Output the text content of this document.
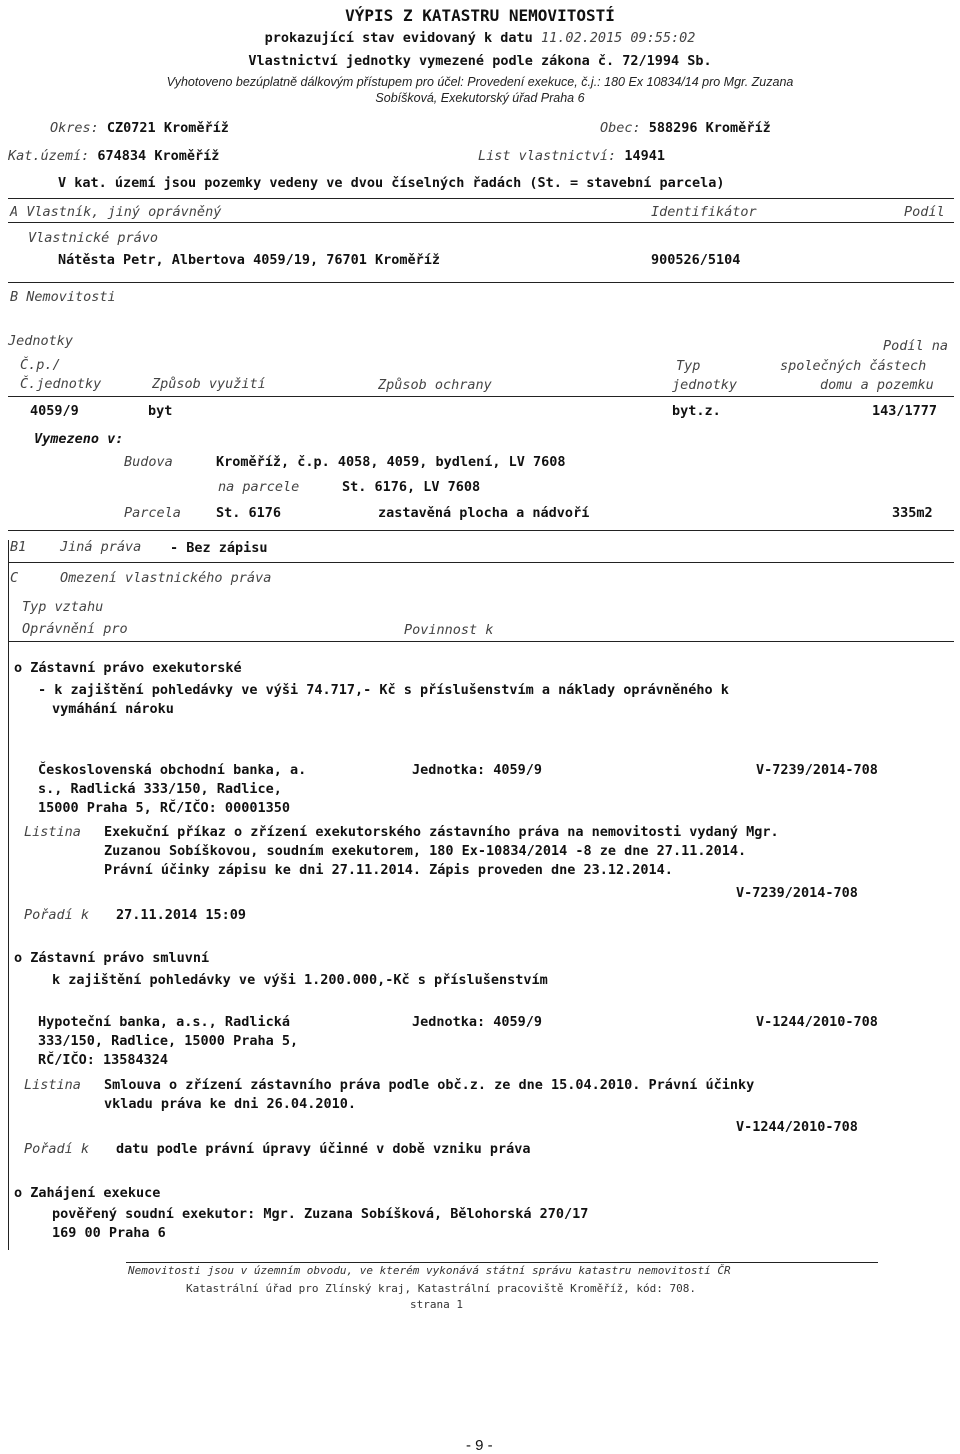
VÝPIS Z KATASTRU NEMOVITOSTÍ
prokazující stav evidovaný k datu 11.02.2015 09:55:02
Vlastnictví jednotky vymezené podle zákona č. 72/1994 Sb.
Vyhotoveno bezúplatně dálkovým přístupem pro účel: Provedení exekuce, č.j.: 180 Ex 10834/14 pro Mgr. Zuzana
Sobíšková, Exekutorský úřad Praha 6
Okres: CZ0721 Kroměříž	Obec: 588296 Kroměříž
Kat.území: 674834 Kroměříž	List vlastnictví: 14941
V kat. území jsou pozemky vedeny ve dvou číselných řadách (St. = stavební parcela)
A Vlastník, jiný oprávněný	Identifikátor	Podíl
Vlastnické právo
Nátěsta Petr, Albertova 4059/19, 76701 Kroměříž	900526/5104
B Nemovitosti
Jednotky	Podíl na
Č.p./	Typ	společných částech
Č.jednotky	Způsob využití	Způsob ochrany	jednotky	domu a pozemku
4059/9	byt	byt.z.	143/1777
Vymezeno v:
Budova	Kroměříž, č.p. 4058, 4059, bydlení, LV 7608
na parcele	St. 6176, LV 7608
Parcela	St. 6176	zastavěná plocha a nádvoří	335m2
B1 Jiná práva - Bez zápisu
C	Omezení vlastnického práva
Typ vztahu
Oprávnění pro	Povinnost k
o Zástavní právo exekutorské
- k zajištění pohledávky ve výši 74.717,- Kč s příslušenstvím a náklady oprávněného k
vymáhání nároku
Československá obchodní banka, a.	Jednotka: 4059/9	V-7239/2014-708
s., Radlická 333/150, Radlice,
15000 Praha 5, RČ/IČO: 00001350
Listina Exekuční příkaz o zřízení exekutorského zástavního práva na nemovitosti vydaný Mgr.
Zuzanou Sobíškovou, soudním exekutorem, 180 Ex-10834/2014 -8 ze dne 27.11.2014.
Právní účinky zápisu ke dni 27.11.2014. Zápis proveden dne 23.12.2014.
V-7239/2014-708
Pořadí k 27.11.2014 15:09
o Zástavní právo smluvní
k zajištění pohledávky ve výši 1.200.000,-Kč s příslušenstvím
Hypoteční banka, a.s., Radlická	Jednotka: 4059/9	V-1244/2010-708
333/150, Radlice, 15000 Praha 5,
RČ/IČO: 13584324
Listina Smlouva o zřízení zástavního práva podle obč.z. ze dne 15.04.2010. Právní účinky
vkladu práva ke dni 26.04.2010.
V-1244/2010-708
Pořadí k datu podle právní úpravy účinné v době vzniku práva
o Zahájení exekuce
pověřený soudní exekutor: Mgr. Zuzana Sobíšková, Bělohorská 270/17
169 00 Praha 6
Nemovitosti jsou v územním obvodu, ve kterém vykonává státní správu katastru nemovitostí ČR
Katastrální úřad pro Zlínský kraj, Katastrální pracoviště Kroměříž, kód: 708.
strana 1
- 9 -
